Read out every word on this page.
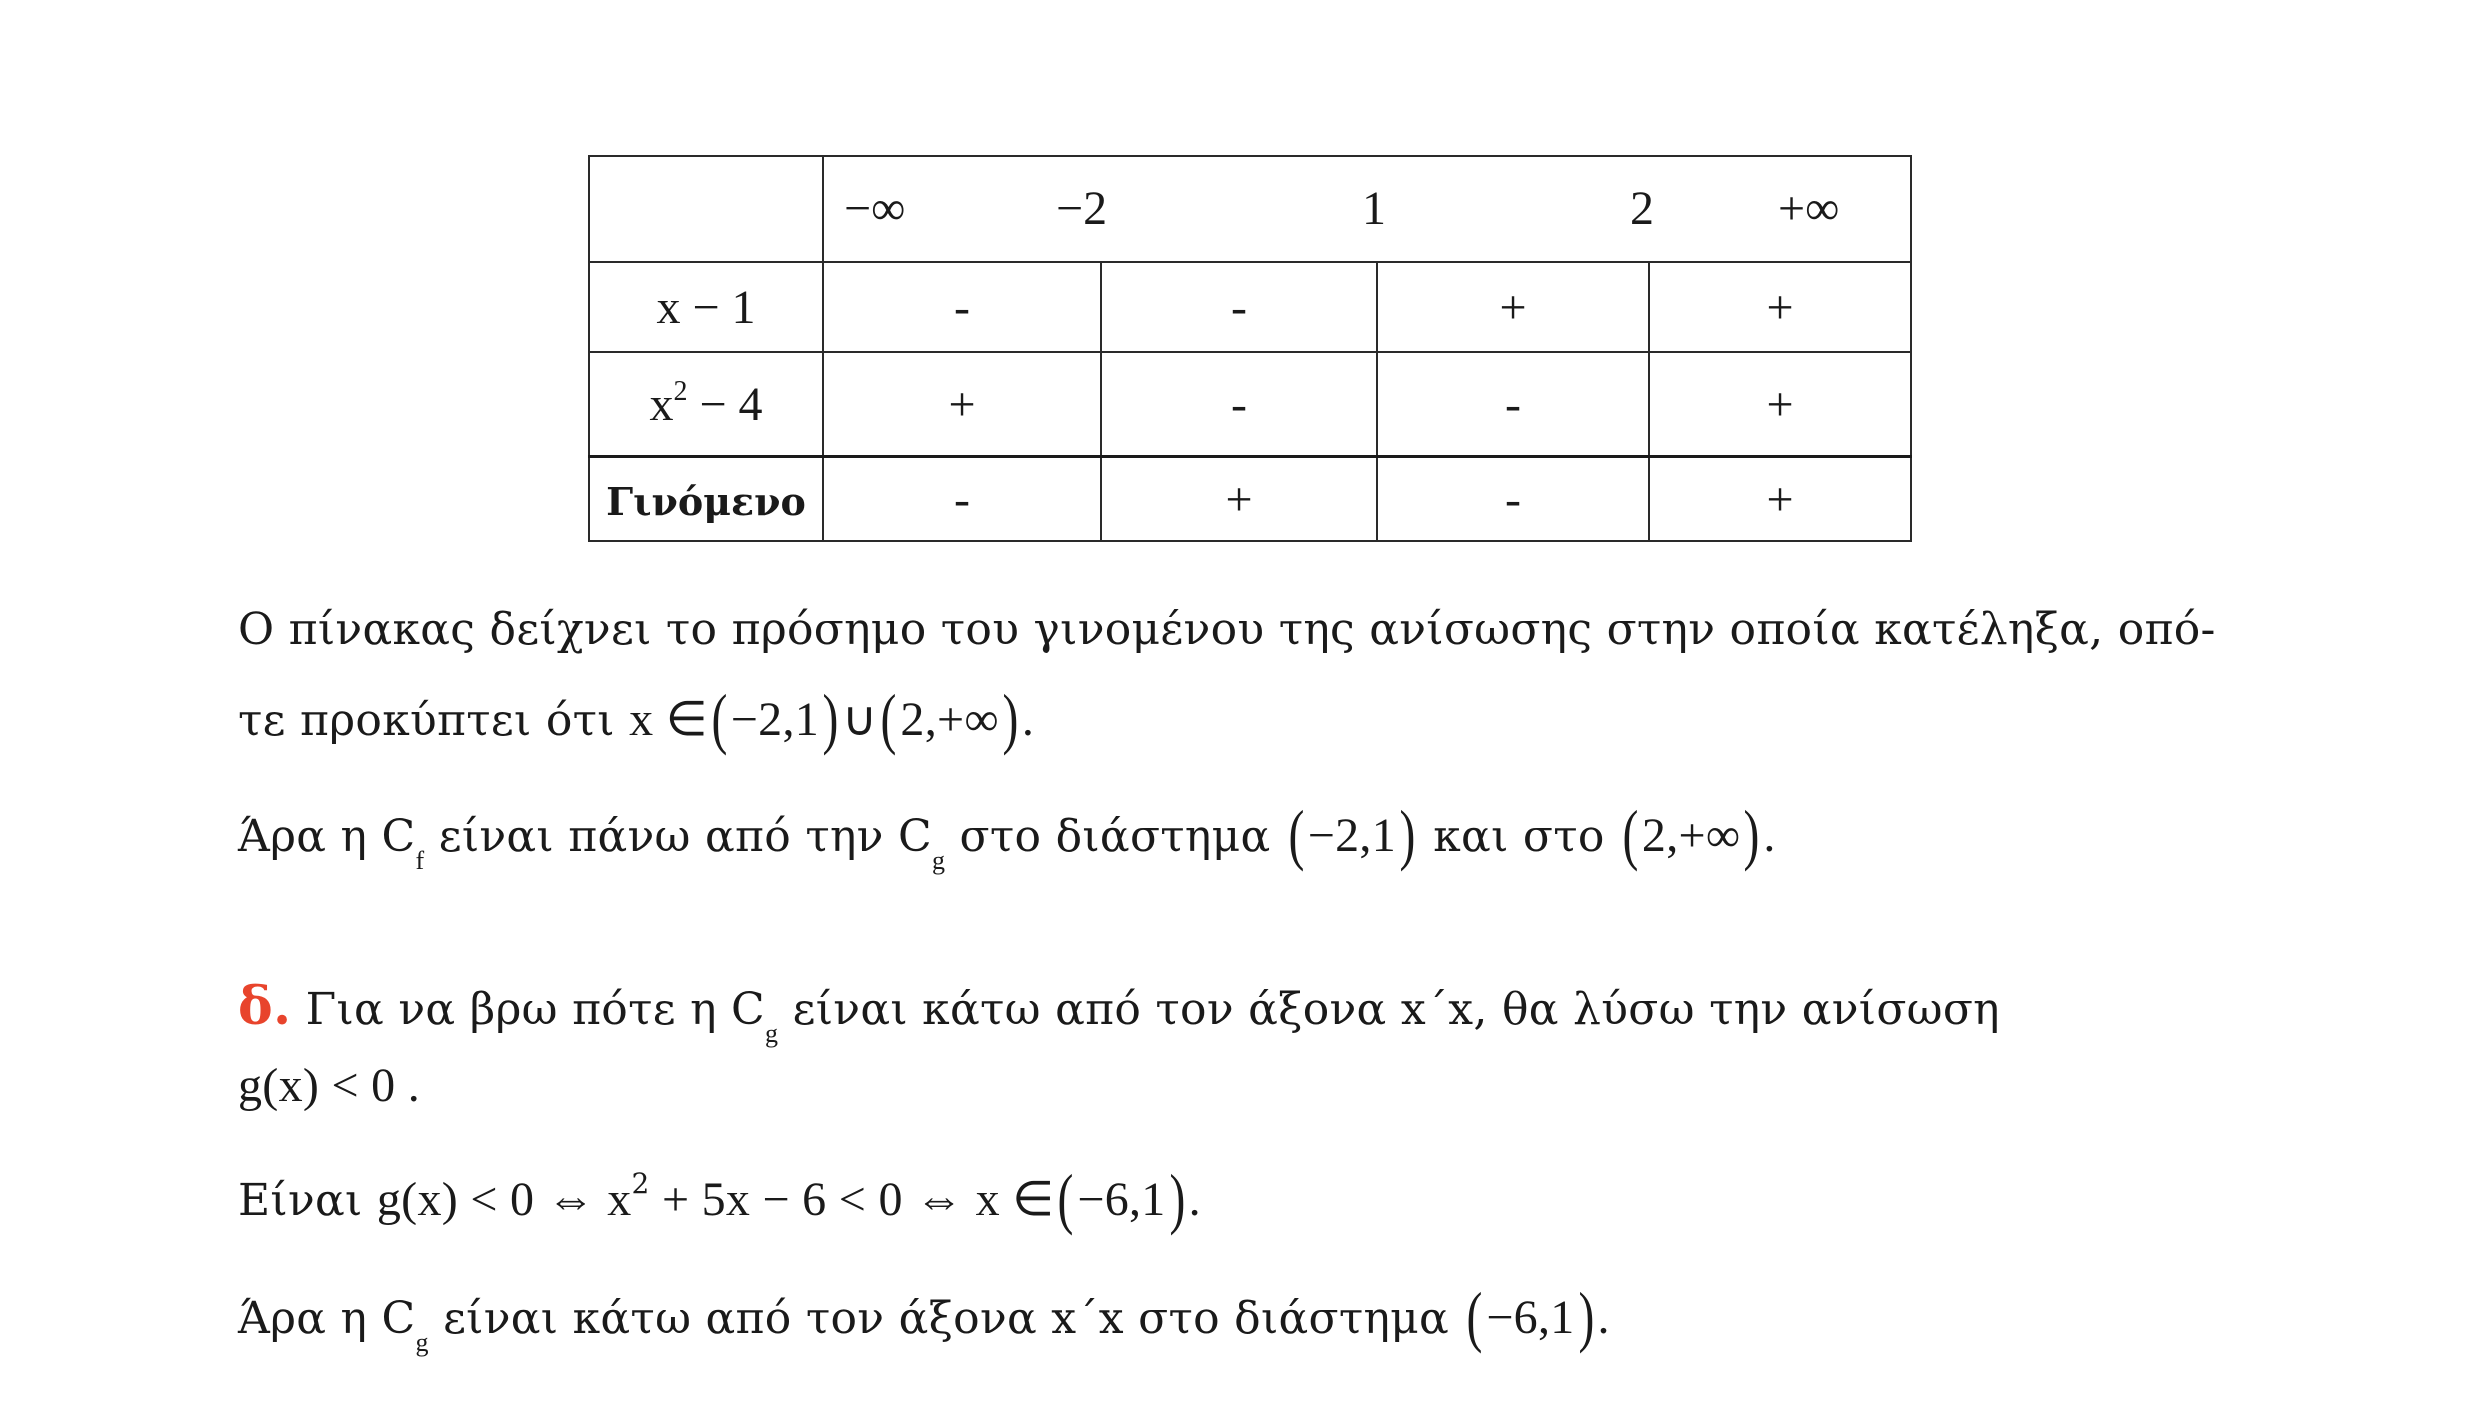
	−∞ −2 1 2 +∞			

x − 1	-	-	+	+
$x^2 - 4$	+	-	-	+
Γινόμενο	-	+	-	+
Ο πίνακας δείχνει το πρόσημο του γινομένου της ανίσωσης στην οποία κατέληξα, οπό-
τε προκύπτει ότι x ∈(−2,1)∪(2,+∞).
Άρα η $C_f$ είναι πάνω από την $C_g$ στο διάστημα (−2,1) και στο (2,+∞).
δ. Για να βρω πότε η $C_g$ είναι κάτω από τον άξονα x΄x, θα λύσω την ανίσωση
g(x) < 0 .
Είναι g(x) < 0 ⇔ $x^2 + 5x - 6 < 0$ ⇔ x ∈(−6,1).
Άρα η $C_g$ είναι κάτω από τον άξονα x΄x στο διάστημα (−6,1).
